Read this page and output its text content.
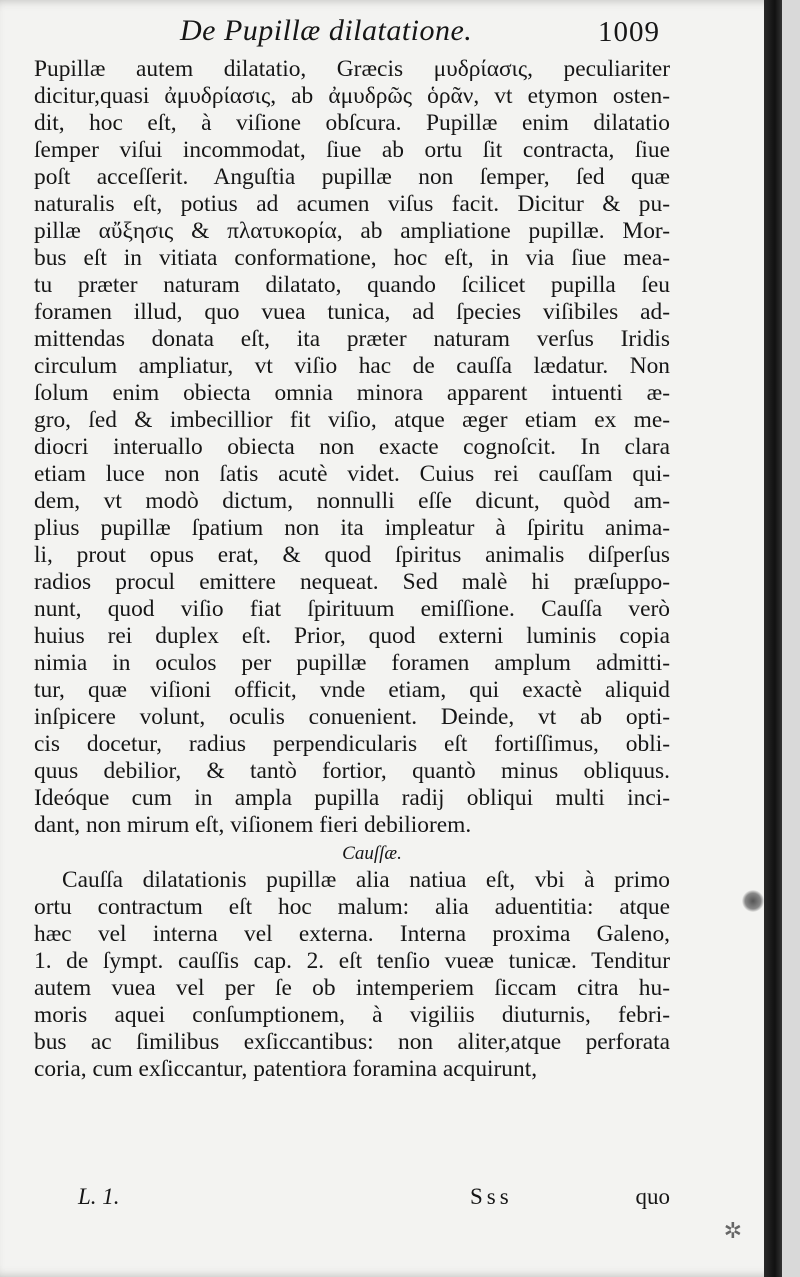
De Pupillæ dilatatione.	1009
Pupillæ autem dilatatio, Græcis μυδρίασις, peculiariter
dicitur,quasi ἀμυδρίασις, ab ἀμυδρῶς ὁρᾶν, vt etymon osten-
dit, hoc eſt, à viſione obſcura. Pupillæ enim dilatatio
ſemper viſui incommodat, ſiue ab ortu ſit contracta, ſiue
poſt acceſſerit. Anguſtia pupillæ non ſemper, ſed quæ
naturalis eſt, potius ad acumen viſus facit. Dicitur & pu-
pillæ αὔξησις & πλατυκορία, ab ampliatione pupillæ. Mor-
bus eſt in vitiata conformatione, hoc eſt, in via ſiue mea-
tu præter naturam dilatato, quando ſcilicet pupilla ſeu
foramen illud, quo vuea tunica, ad ſpecies viſibiles ad-
mittendas donata eſt, ita præter naturam verſus Iridis
circulum ampliatur, vt viſio hac de cauſſa lædatur. Non
ſolum enim obiecta omnia minora apparent intuenti æ-
gro, ſed & imbecillior fit viſio, atque æger etiam ex me-
diocri interuallo obiecta non exacte cognoſcit. In clara
etiam luce non ſatis acutè videt. Cuius rei cauſſam qui-
dem, vt modò dictum, nonnulli eſſe dicunt, quòd am-
plius pupillæ ſpatium non ita impleatur à ſpiritu anima-
li, prout opus erat, & quod ſpiritus animalis diſperſus
radios procul emittere nequeat. Sed malè hi præſuppo-
nunt, quod viſio fiat ſpirituum emiſſione. Cauſſa verò
huius rei duplex eſt. Prior, quod externi luminis copia
nimia in oculos per pupillæ foramen amplum admitti-
tur, quæ viſioni officit, vnde etiam, qui exactè aliquid
inſpicere volunt, oculis conuenient. Deinde, vt ab opti-
cis docetur, radius perpendicularis eſt fortiſſimus, obli-
quus debilior, & tantò fortior, quantò minus obliquus.
Ideóque cum in ampla pupilla radij obliqui multi inci-
dant, non mirum eſt, viſionem fieri debiliorem.
Cauſſæ.
Cauſſa dilatationis pupillæ alia natiua eſt, vbi à primo
ortu contractum eſt hoc malum: alia aduentitia: atque
hæc vel interna vel externa. Interna proxima Galeno,
1. de ſympt. cauſſis cap. 2. eſt tenſio vueæ tunicæ. Tenditur
autem vuea vel per ſe ob intemperiem ſiccam citra hu-
moris aquei conſumptionem, à vigiliis diuturnis, febri-
bus ac ſimilibus exſiccantibus: non aliter,atque perforata
coria, cum exſiccantur, patentiora foramina acquirunt,
L. 1.	Sss	quo
✲
